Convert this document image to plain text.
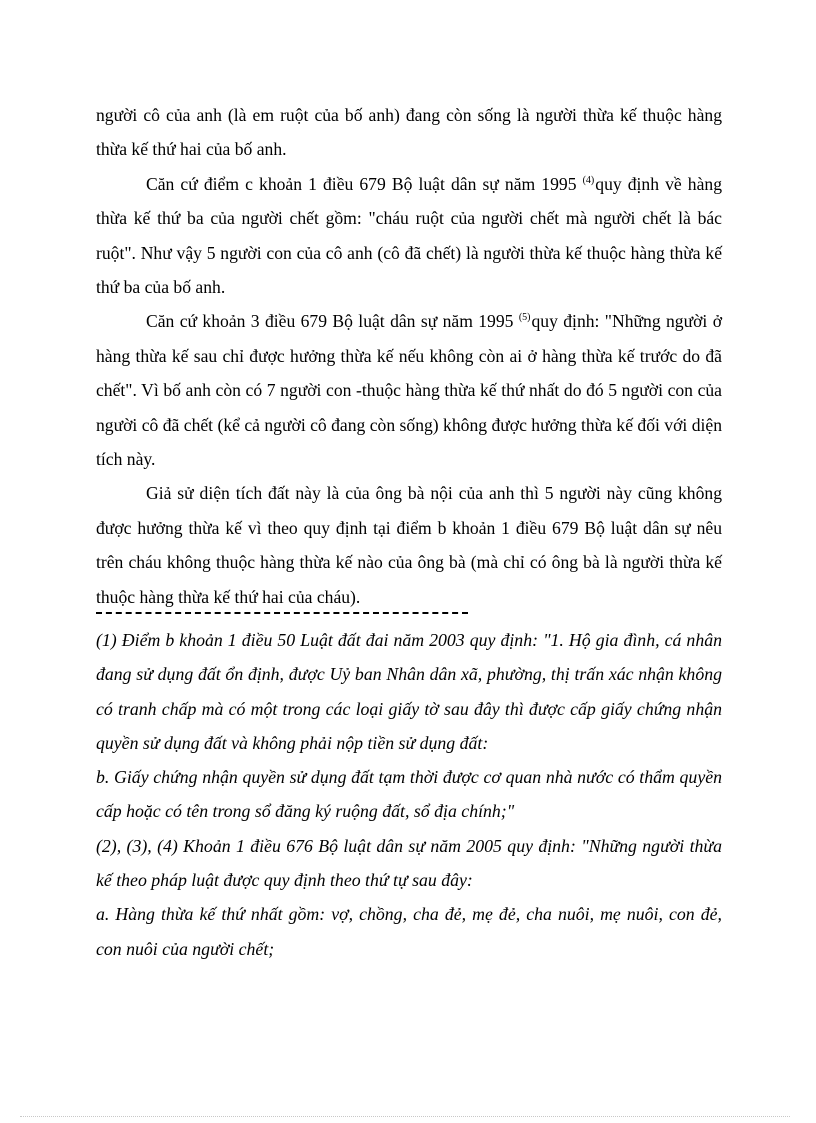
người cô của anh (là em ruột của bố anh) đang còn sống là người thừa kế thuộc hàng thừa kế thứ hai của bố anh.

Căn cứ điểm c khoản 1 điều 679 Bộ luật dân sự năm 1995 $^{(4)}$quy định về hàng thừa kế thứ ba của người chết gồm: "cháu ruột của người chết mà người chết là bác ruột". Như vậy 5 người con của cô anh (cô đã chết) là người thừa kế thuộc hàng thừa kế thứ ba của bố anh.

Căn cứ khoản 3 điều 679 Bộ luật dân sự năm 1995 $^{(5)}$quy định: "Những người ở hàng thừa kế sau chỉ được hưởng thừa kế nếu không còn ai ở hàng thừa kế trước do đã chết". Vì bố anh còn có 7 người con -thuộc hàng thừa kế thứ nhất do đó 5 người con của người cô đã chết (kể cả người cô đang còn sống) không được hưởng thừa kế đối với diện tích này.

Giả sử diện tích đất này là của ông bà nội của anh thì 5 người này cũng không được hưởng thừa kế vì theo quy định tại điểm b khoản 1 điều 679 Bộ luật dân sự nêu trên cháu không thuộc hàng thừa kế nào của ông bà (mà chỉ có ông bà là người thừa kế thuộc hàng thừa kế thứ hai của cháu).

(1) Điểm b khoản 1 điều 50 Luật đất đai năm 2003 quy định: "1. Hộ gia đình, cá nhân đang sử dụng đất ổn định, được Uỷ ban Nhân dân xã, phường, thị trấn xác nhận không có tranh chấp mà có một trong các loại giấy tờ sau đây thì được cấp giấy chứng nhận quyền sử dụng đất và không phải nộp tiền sử dụng đất:

b. Giấy chứng nhận quyền sử dụng đất tạm thời được cơ quan nhà nước có thẩm quyền cấp hoặc có tên trong sổ đăng ký ruộng đất, sổ địa chính;"

(2), (3), (4) Khoản 1 điều 676 Bộ luật dân sự năm 2005 quy định: "Những người thừa kế theo pháp luật được quy định theo thứ tự sau đây:

a. Hàng thừa kế thứ nhất gồm: vợ, chồng, cha đẻ, mẹ đẻ, cha nuôi, mẹ nuôi, con đẻ, con nuôi của người chết;
